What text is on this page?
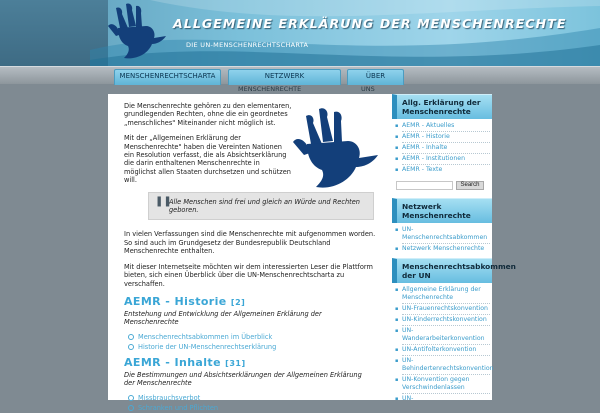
ALLGEMEINE ERKLÄRUNG DER MENSCHENRECHTE
DIE UN-MENSCHENRECHTSCHARTA
MENSCHENRECHTSCHARTA	NETZWERK	ÜBER
MENSCHENRECHTE	UNS

Die Menschenrechte gehören zu den elementaren, grundlegenden Rechten, ohne die ein geordnetes „menschliches" Miteinander nicht möglich ist.

Mit der „Allgemeinen Erklärung der Menschenrechte" haben die Vereinten Nationen ein Resolution verfasst, die als Absichtserklärung die darin enthaltenen Menschenrechte in möglichst allen Staaten durchsetzen und schützen will.

❚❚
Alle Menschen sind frei und gleich an Würde und Rechten geboren.

In vielen Verfassungen sind die Menschenrechte mit aufgenommen worden. So sind auch im Grundgesetz der Bundesrepublik Deutschland Menschenrechte enthalten.

Mit dieser Internetseite möchten wir dem interessierten Leser die Plattform bieten, sich einen Überblick über die UN-Menschenrechtscharta zu verschaffen.

AEMR - Historie [2]

Entstehung und Entwicklung der Allgemeinen Erklärung der Menschenrechte

Menschenrechtsabkommen im Überblick
Historie der UN-Menschenrechtserklärung
AEMR - Inhalte [31]

Die Bestimmungen und Absichtserklärungen der Allgemeinen Erklärung der Menschenrechte

Missbrauchsverbot
Schranken und Pflichten
Allg. Erklärung der Menschenrechte
▪ AEMR - Aktuelles
▪ AEMR - Historie
▪ AEMR - Inhalte
▪ AEMR - Institutionen
▪ AEMR - Texte
Search
Netzwerk Menschenrechte
▪ UN-Menschenrechtsabkommen
▪ Netzwerk Menschenrechte
Menschenrechtsabkommen der UN
▪ Allgemeine Erklärung der Menschenrechte
▪ UN-Frauenrechtskonvention
▪ UN-Kinderrechtskonvention
▪ UN-Wanderarbeiterkonvention
▪ UN-Antifolterkonvention
▪ UN-Behindertenrechtskonvention
▪ UN-Konvention gegen Verschwindenlassen
▪ UN-
